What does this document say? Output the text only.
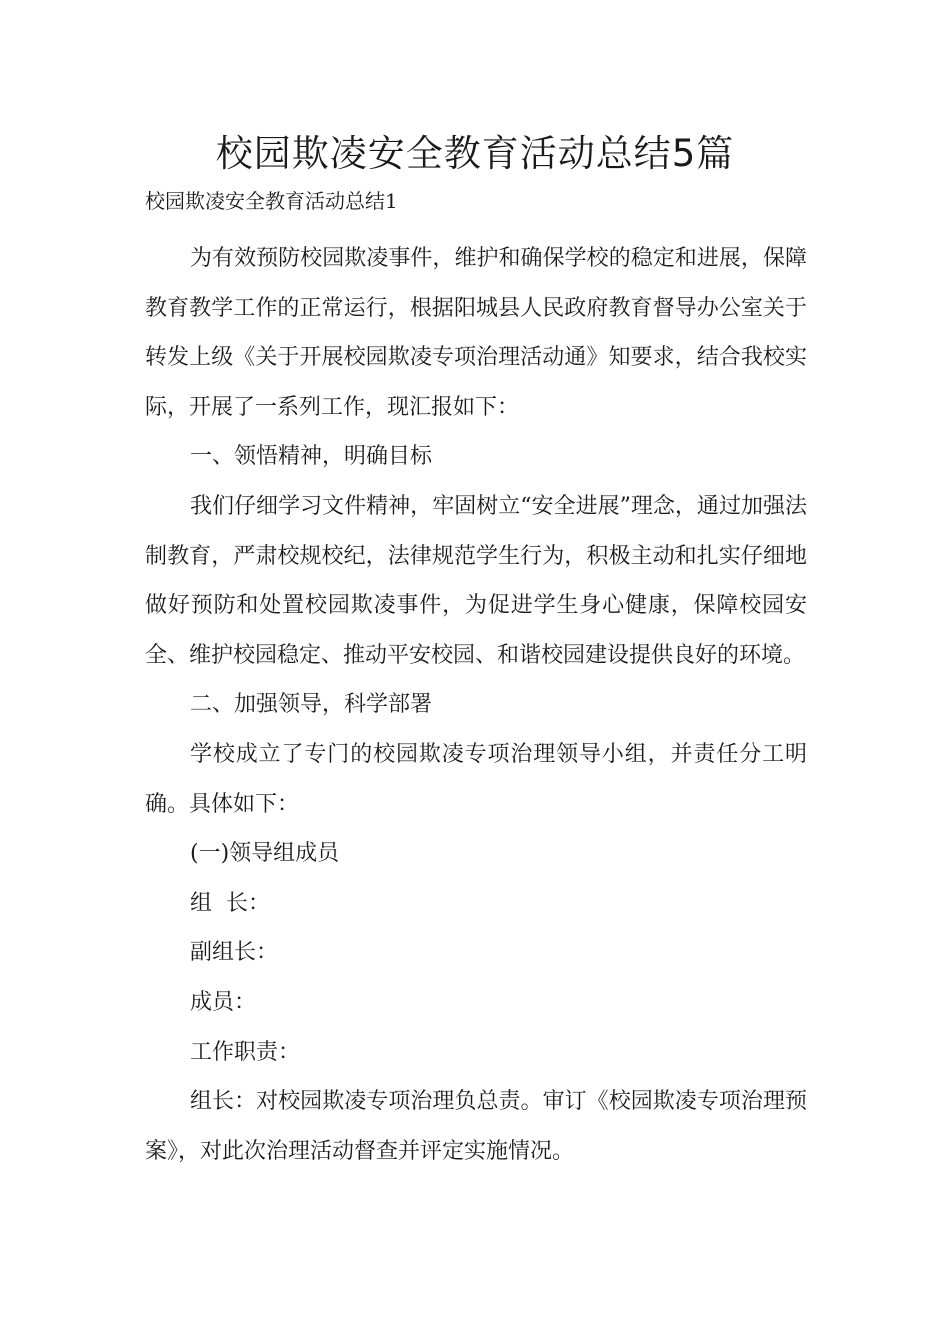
校园欺凌安全教育活动总结5篇

校园欺凌安全教育活动总结1

为有效预防校园欺凌事件，维护和确保学校的稳定和进展，保障教育教学工作的正常运行，根据阳城县人民政府教育督导办公室关于转发上级《关于开展校园欺凌专项治理活动通》知要求，结合我校实际，开展了一系列工作，现汇报如下：

一、领悟精神，明确目标

我们仔细学习文件精神，牢固树立“安全进展”理念，通过加强法制教育，严肃校规校纪，法律规范学生行为，积极主动和扎实仔细地做好预防和处置校园欺凌事件，为促进学生身心健康，保障校园安全、维护校园稳定、推动平安校园、和谐校园建设提供良好的环境。

二、加强领导，科学部署

学校成立了专门的校园欺凌专项治理领导小组，并责任分工明确。具体如下：

(一)领导组成员

组  长：

副组长：

成员：

工作职责：

组长：对校园欺凌专项治理负总责。审订《校园欺凌专项治理预案》，对此次治理活动督查并评定实施情况。
